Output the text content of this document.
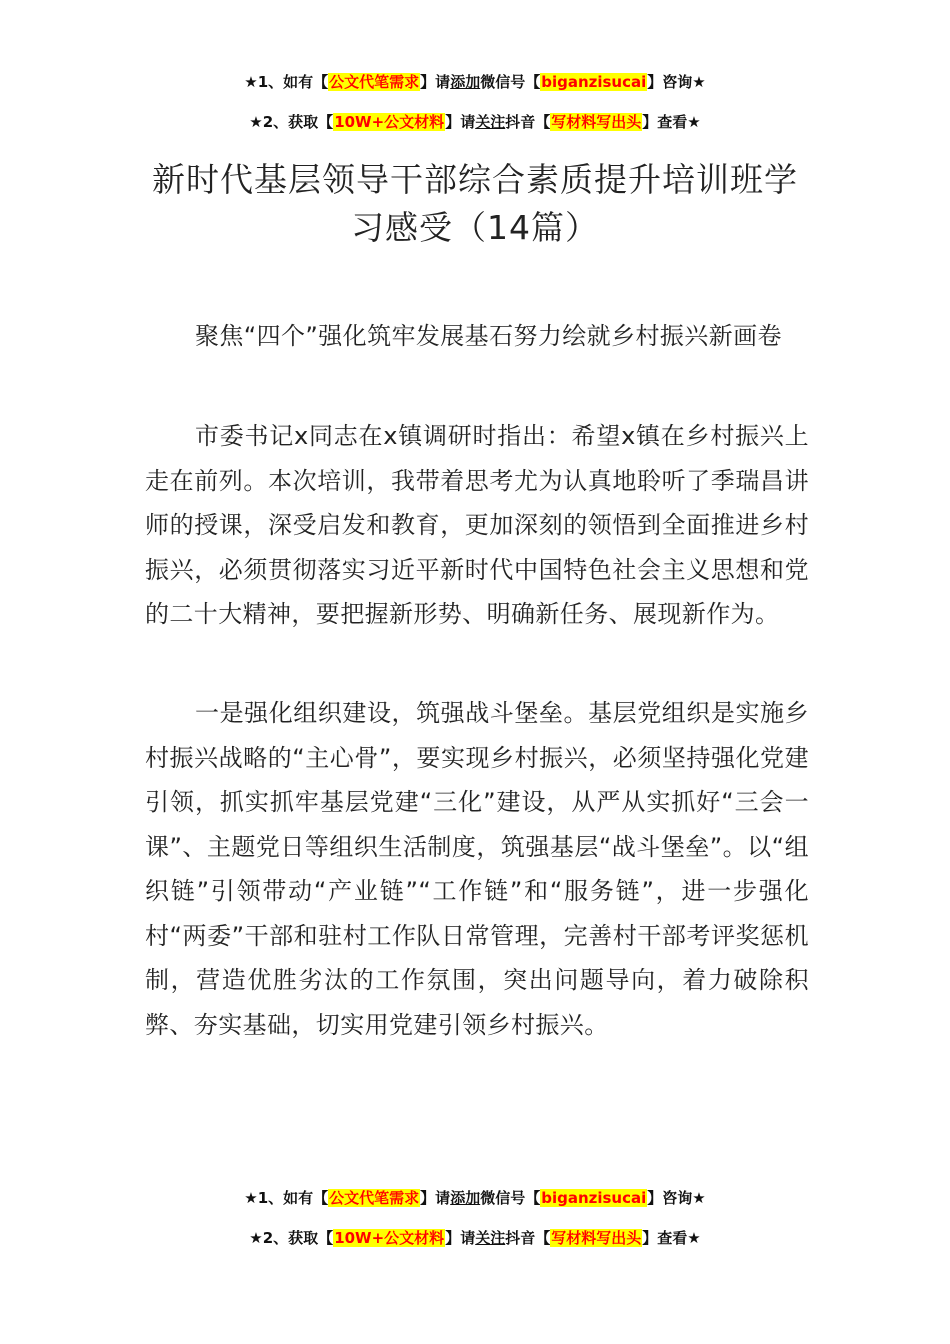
★1、如有【公文代笔需求】请添加微信号【biganzisucai】咨询★
★2、获取【10W+公文材料】请关注抖音【写材料写出头】查看★
新时代基层领导干部综合素质提升培训班学习感受（14篇）

聚焦“四个”强化筑牢发展基石努力绘就乡村振兴新画卷

市委书记x同志在x镇调研时指出：希望x镇在乡村振兴上走在前列。本次培训，我带着思考尤为认真地聆听了季瑞昌讲师的授课，深受启发和教育，更加深刻的领悟到全面推进乡村振兴，必须贯彻落实习近平新时代中国特色社会主义思想和党的二十大精神，要把握新形势、明确新任务、展现新作为。

一是强化组织建设，筑强战斗堡垒。基层党组织是实施乡村振兴战略的“主心骨”，要实现乡村振兴，必须坚持强化党建引领，抓实抓牢基层党建“三化”建设，从严从实抓好“三会一课”、主题党日等组织生活制度，筑强基层“战斗堡垒”。以“组织链”引领带动“产业链”“工作链”和“服务链”，进一步强化村“两委”干部和驻村工作队日常管理，完善村干部考评奖惩机制，营造优胜劣汰的工作氛围，突出问题导向，着力破除积弊、夯实基础，切实用党建引领乡村振兴。

★1、如有【公文代笔需求】请添加微信号【biganzisucai】咨询★
★2、获取【10W+公文材料】请关注抖音【写材料写出头】查看★
